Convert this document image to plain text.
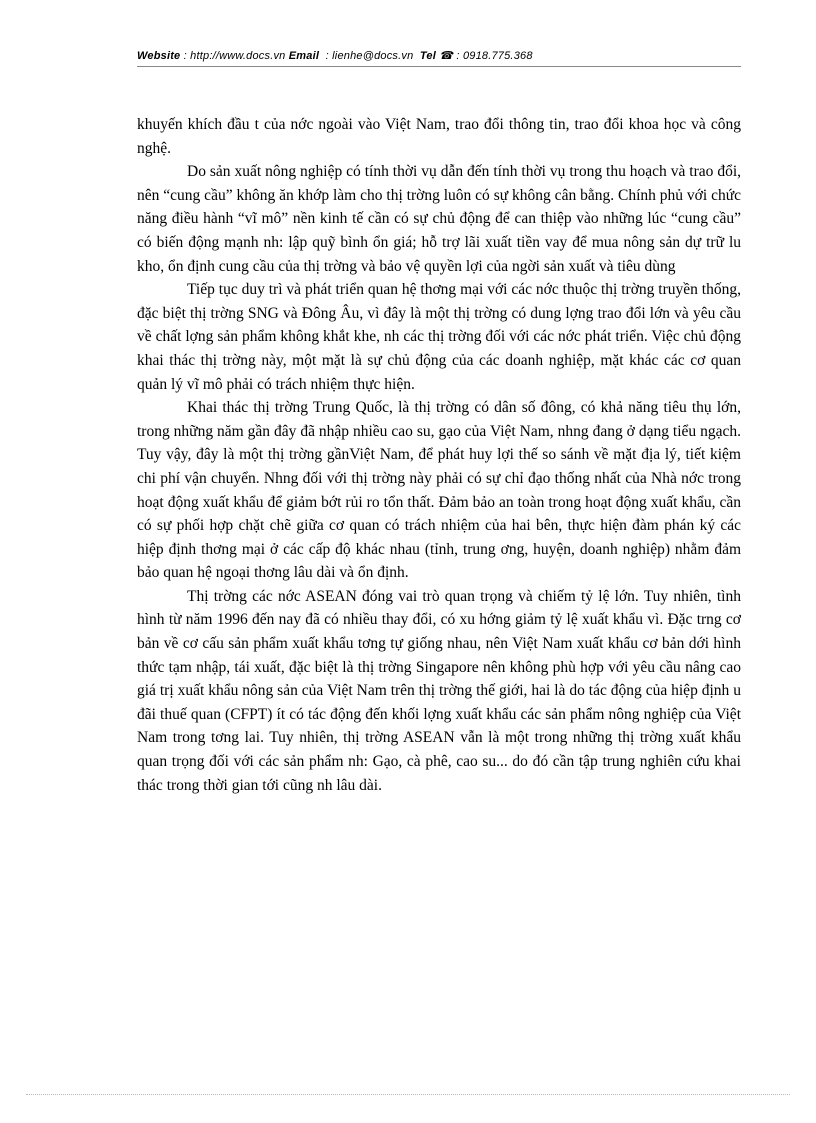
Website : http://www.docs.vn Email  : lienhe@docs.vn Tel ☎ : 0918.775.368

khuyến khích đầu t của nớc ngoài vào Việt Nam, trao đổi thông tin, trao đổi khoa học và công nghệ.

Do sản xuất nông nghiệp có tính thời vụ dẫn đến tính thời vụ trong thu hoạch và trao đổi, nên “cung cầu” không ăn khớp làm cho thị trờng luôn có sự không cân bằng. Chính phủ với chức năng điều hành “vĩ mô” nền kinh tế cần có sự chủ động để can thiệp vào những lúc “cung cầu” có biến động mạnh nh: lập quỹ bình ổn giá; hỗ trợ lãi xuất tiền vay để mua nông sản dự trữ lu kho, ổn định cung cầu của thị trờng và bảo vệ quyền lợi của ngời sản xuất và tiêu dùng

Tiếp tục duy trì và phát triển quan hệ thơng mại với các nớc thuộc thị trờng truyền thống, đặc biệt thị trờng SNG và Đông Âu, vì đây là một thị trờng có dung lợng trao đổi lớn và yêu cầu về chất lợng sản phẩm không khắt khe, nh các thị trờng đối với các nớc phát triển. Việc chủ động khai thác thị trờng này, một mặt là sự chủ động của các doanh nghiệp, mặt khác các cơ quan quản lý vĩ mô phải có trách nhiệm thực hiện.

Khai thác thị trờng Trung Quốc, là thị trờng có dân số đông, có khả năng tiêu thụ lớn, trong những năm gần đây đã nhập nhiều cao su, gạo của Việt Nam, nhng đang ở dạng tiểu ngạch. Tuy vậy, đây là một thị trờng gầnViệt Nam, để phát huy lợi thế so sánh về mặt địa lý, tiết kiệm chi phí vận chuyển. Nhng đối với thị trờng này phải có sự chỉ đạo thống nhất của Nhà nớc trong hoạt động xuất khẩu để giảm bớt rủi ro tổn thất. Đảm bảo an toàn trong hoạt động xuất khẩu, cần có sự phối hợp chặt chẽ giữa cơ quan có trách nhiệm của hai bên, thực hiện đàm phán ký các hiệp định thơng mại ở các cấp độ khác nhau (tỉnh, trung ơng, huyện, doanh nghiệp) nhằm đảm bảo quan hệ ngoại thơng lâu dài và ổn định.

Thị trờng các nớc ASEAN đóng vai trò quan trọng và chiếm tỷ lệ lớn. Tuy nhiên, tình hình từ năm 1996 đến nay đã có nhiều thay đổi, có xu hớng giảm tỷ lệ xuất khẩu vì. Đặc trng cơ bản về cơ cấu sản phẩm xuất khẩu tơng tự giống nhau, nên Việt Nam xuất khẩu cơ bản dới hình thức tạm nhập, tái xuất, đặc biệt là thị trờng Singapore nên không phù hợp với yêu cầu nâng cao giá trị xuất khẩu nông sản của Việt Nam trên thị trờng thế giới, hai là do tác động của hiệp định u đãi thuế quan (CFPT) ít có tác động đến khối lợng xuất khẩu các sản phẩm nông nghiệp của Việt Nam trong tơng lai. Tuy nhiên, thị trờng ASEAN vẫn là một trong những thị trờng xuất khẩu quan trọng đối với các sản phẩm nh: Gạo, cà phê, cao su... do đó cần tập trung nghiên cứu khai thác trong thời gian tới cũng nh lâu dài.
